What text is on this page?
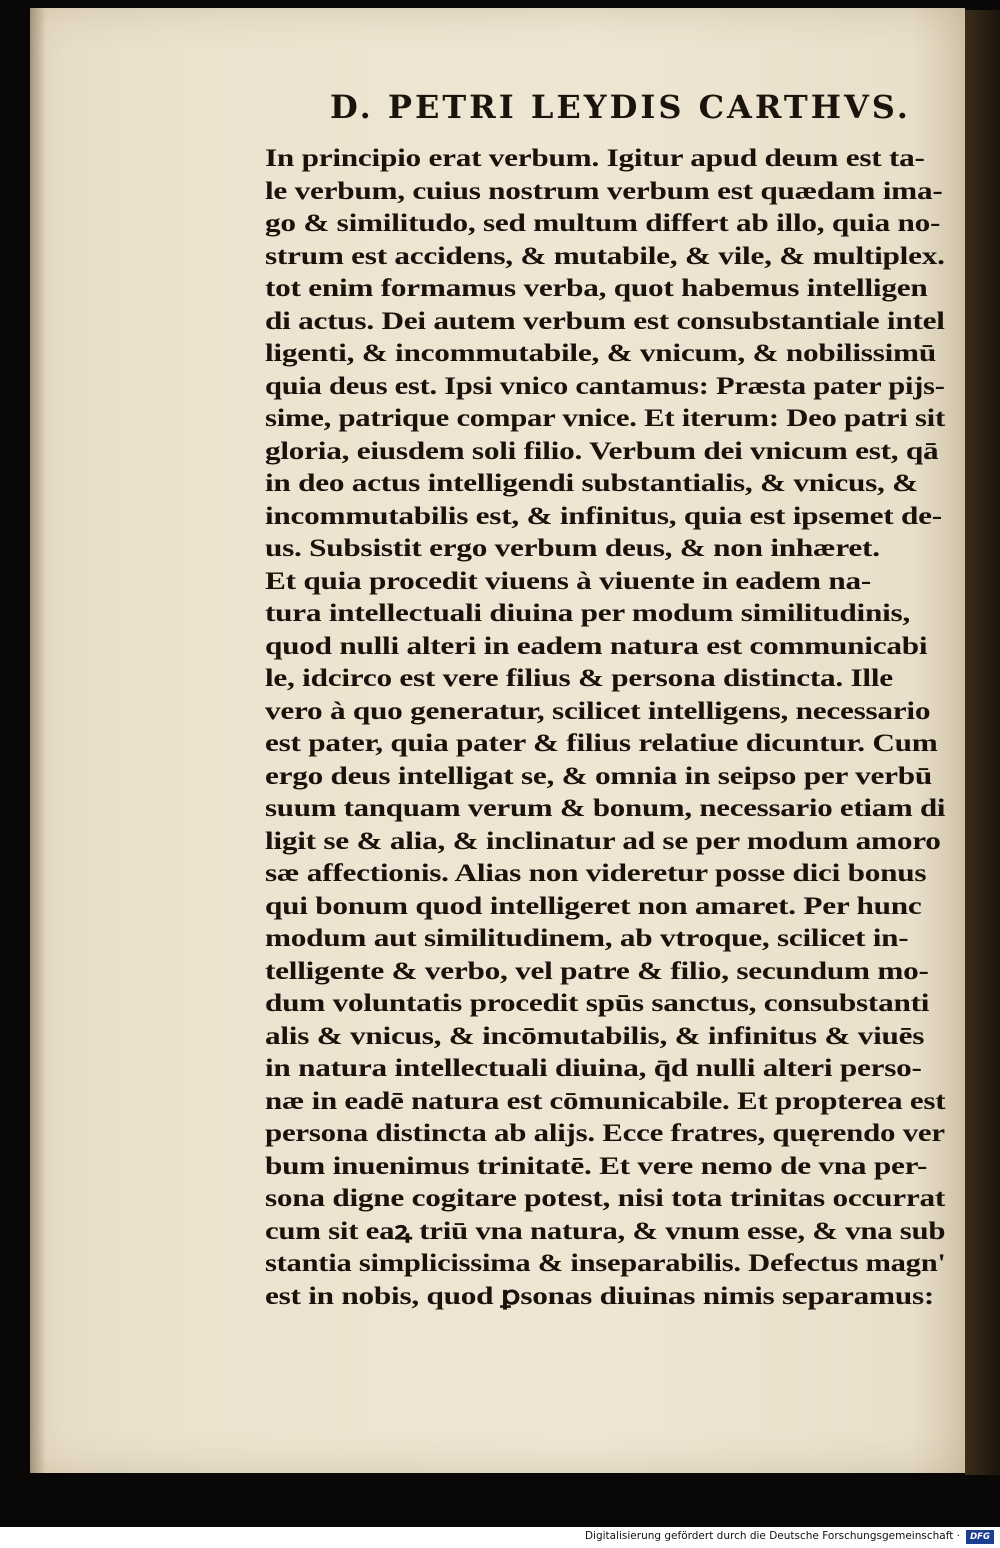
D. PETRI LEYDIS CARTHVS.
In principio erat verbum. Igitur apud deum est ta-
le verbum, cuius nostrum verbum est quædam ima-
go & similitudo, sed multum differt ab illo, quia no-
strum est accidens, & mutabile, & vile, & multiplex.
tot enim formamus verba, quot habemus intelligen
di actus. Dei autem verbum est consubstantiale intel
ligenti, & incommutabile, & vnicum, & nobilissimū
quia deus est. Ipsi vnico cantamus: Præsta pater pijs-
sime, patrique compar vnice. Et iterum: Deo patri sit
gloria, eiusdem soli filio. Verbum dei vnicum est, qā
in deo actus intelligendi substantialis, & vnicus, &
incommutabilis est, & infinitus, quia est ipsemet de-
us. Subsistit ergo verbum deus, & non inhæret.
Et quia procedit viuens à viuente in eadem na-
tura intellectuali diuina per modum similitudinis,
quod nulli alteri in eadem natura est communicabi
le, idcirco est vere filius & persona distincta. Ille
vero à quo generatur, scilicet intelligens, necessario
est pater, quia pater & filius relatiue dicuntur. Cum
ergo deus intelligat se, & omnia in seipso per verbū
suum tanquam verum & bonum, necessario etiam di
ligit se & alia, & inclinatur ad se per modum amoro
sæ affectionis. Alias non videretur posse dici bonus
qui bonum quod intelligeret non amaret. Per hunc
modum aut similitudinem, ab vtroque, scilicet in-
telligente & verbo, vel patre & filio, secundum mo-
dum voluntatis procedit spūs sanctus, consubstanti
alis & vnicus, & incōmutabilis, & infinitus & viuēs
in natura intellectuali diuina, q̄d nulli alteri perso-
næ in eadē natura est cōmunicabile. Et propterea est
persona distincta ab alijs. Ecce fratres, quęrendo ver
bum inuenimus trinitatē. Et vere nemo de vna per-
sona digne cogitare potest, nisi tota trinitas occurrat
cum sit eaꝝ triū vna natura, & vnum esse, & vna sub
stantia simplicissima & inseparabilis. Defectus magn'
est in nobis, quod ꝑsonas diuinas nimis separamus:
Digitalisierung gefördert durch die Deutsche Forschungsgemeinschaft ·	DFG
